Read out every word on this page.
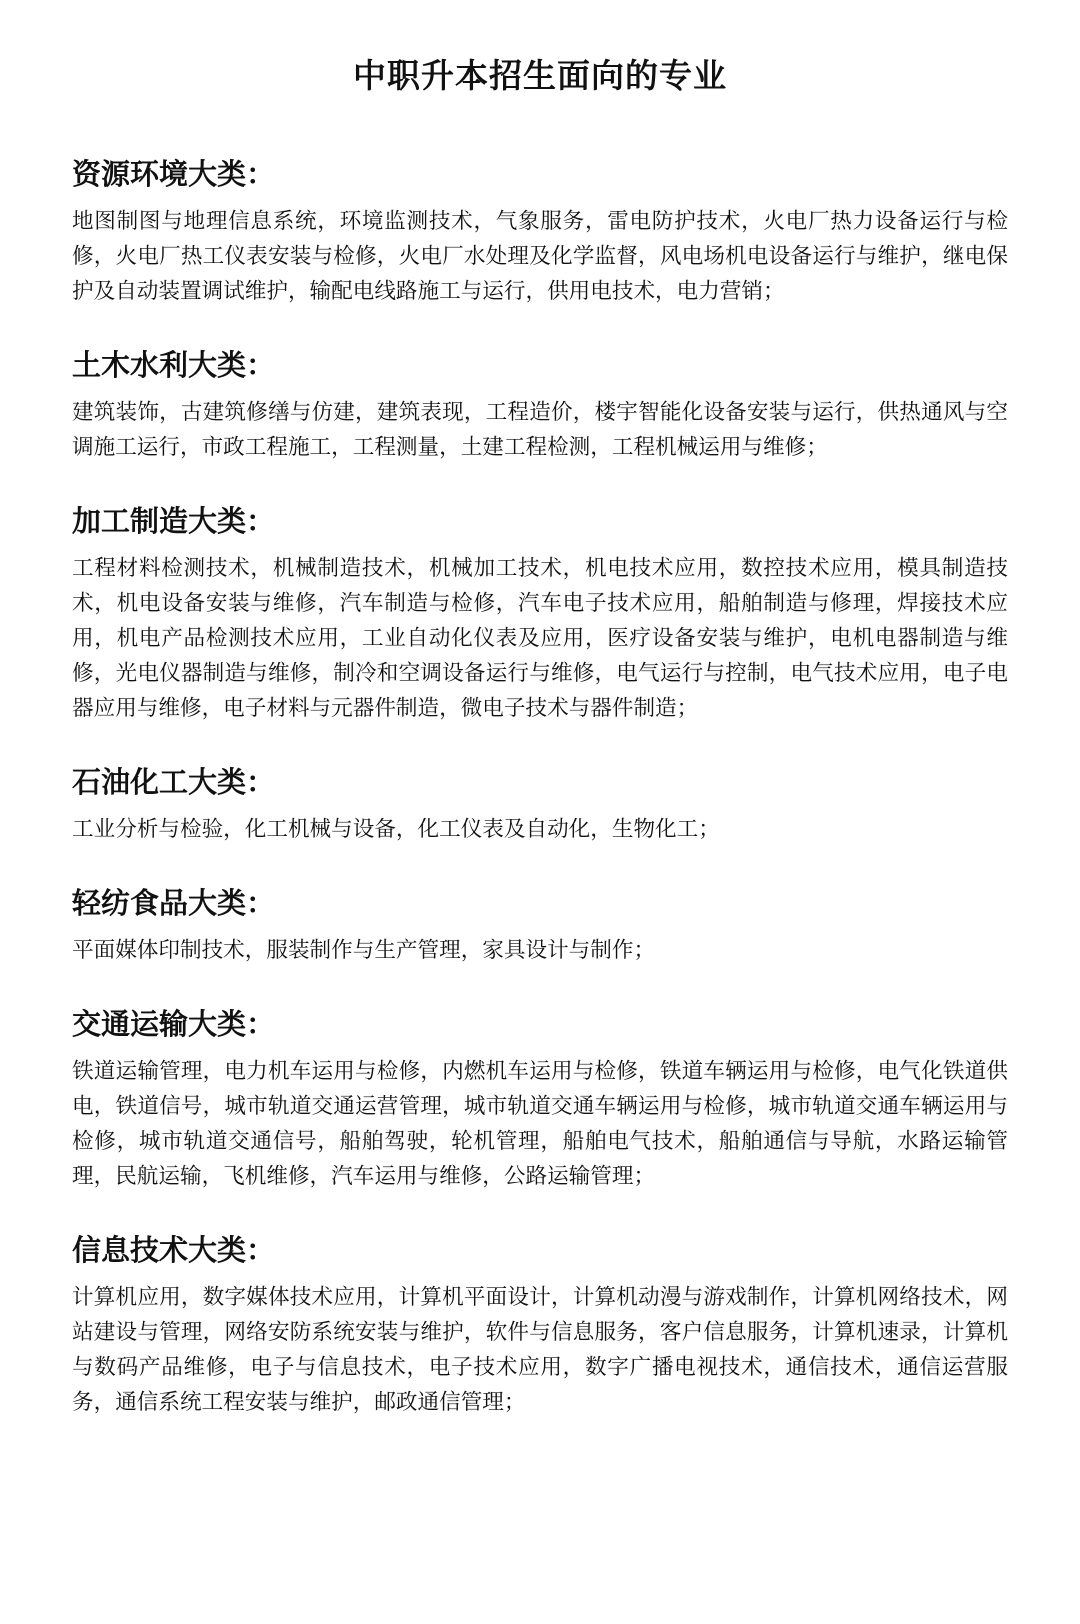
中职升本招生面向的专业
资源环境大类：

地图制图与地理信息系统，环境监测技术，气象服务，雷电防护技术，火电厂热力设备运行与检修，火电厂热工仪表安装与检修，火电厂水处理及化学监督，风电场机电设备运行与维护，继电保护及自动装置调试维护，输配电线路施工与运行，供用电技术，电力营销；

土木水利大类：

建筑装饰，古建筑修缮与仿建，建筑表现，工程造价，楼宇智能化设备安装与运行，供热通风与空调施工运行，市政工程施工，工程测量，土建工程检测，工程机械运用与维修；

加工制造大类：

工程材料检测技术，机械制造技术，机械加工技术，机电技术应用，数控技术应用，模具制造技术，机电设备安装与维修，汽车制造与检修，汽车电子技术应用，船舶制造与修理，焊接技术应用，机电产品检测技术应用，工业自动化仪表及应用，医疗设备安装与维护，电机电器制造与维修，光电仪器制造与维修，制冷和空调设备运行与维修，电气运行与控制，电气技术应用，电子电器应用与维修，电子材料与元器件制造，微电子技术与器件制造；

石油化工大类：

工业分析与检验，化工机械与设备，化工仪表及自动化，生物化工；

轻纺食品大类：

平面媒体印制技术，服装制作与生产管理，家具设计与制作；

交通运输大类：

铁道运输管理，电力机车运用与检修，内燃机车运用与检修，铁道车辆运用与检修，电气化铁道供电，铁道信号，城市轨道交通运营管理，城市轨道交通车辆运用与检修，城市轨道交通车辆运用与检修，城市轨道交通信号，船舶驾驶，轮机管理，船舶电气技术，船舶通信与导航，水路运输管理，民航运输，飞机维修，汽车运用与维修，公路运输管理；

信息技术大类：

计算机应用，数字媒体技术应用，计算机平面设计，计算机动漫与游戏制作，计算机网络技术，网站建设与管理，网络安防系统安装与维护，软件与信息服务，客户信息服务，计算机速录，计算机与数码产品维修，电子与信息技术，电子技术应用，数字广播电视技术，通信技术，通信运营服务，通信系统工程安装与维护，邮政通信管理；
